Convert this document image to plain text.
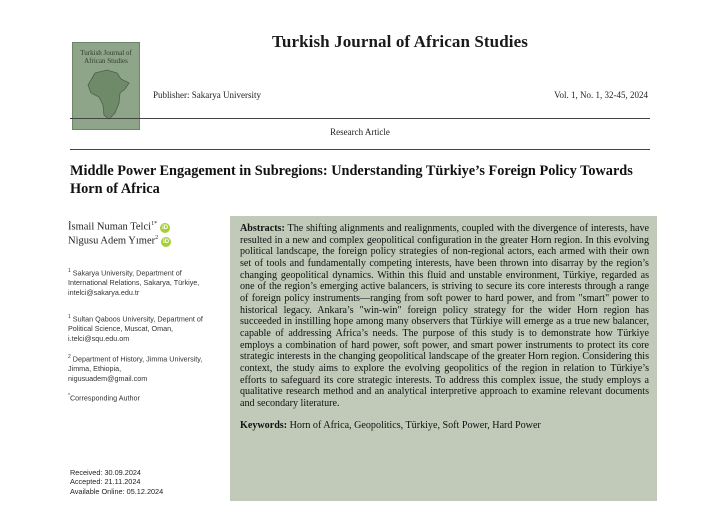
Turkish Journal of African Studies
Turkish Journal of African Studies
Publisher: Sakarya University	Vol. 1, No. 1, 32-45, 2024
Research Article
Middle Power Engagement in Subregions: Understanding Türkiye’s Foreign Policy Towards Horn of Africa
İsmail Numan Telci$^{1*}$iD
Nigusu Adem Yımer$^2$iD
$^1$ Sakarya University, Department of International Relations, Sakarya, Türkiye,
intelci@sakarya.edu.tr
$^1$ Sultan Qaboos University, Department of Political Science, Muscat, Oman,
i.telci@squ.edu.om
$^2$ Department of History, Jimma University, Jimma, Ethiopia,
nigusuadem@gmail.com
*Corresponding Author
Received: 30.09.2024
Accepted: 21.11.2024
Available Online: 05.12.2024

Abstracts: The shifting alignments and realignments, coupled with the divergence of interests, have resulted in a new and complex geopolitical configuration in the greater Horn region. In this evolving political landscape, the foreign policy strategies of non-regional actors, each armed with their own set of tools and fundamentally competing interests, have been thrown into disarray by the region’s changing geopolitical dynamics. Within this fluid and unstable environment, Türkiye, regarded as one of the region’s emerging active balancers, is striving to secure its core interests through a range of foreign policy instruments—ranging from soft power to hard power, and from "smart" power to historical legacy. Ankara’s "win-win" foreign policy strategy for the wider Horn region has succeeded in instilling hope among many observers that Türkiye will emerge as a true new balancer, capable of addressing Africa’s needs. The purpose of this study is to demonstrate how Türkiye employs a combination of hard power, soft power, and smart power instruments to protect its core strategic interests in the changing geopolitical landscape of the greater Horn region. Considering this context, the study aims to explore the evolving geopolitics of the region in relation to Türkiye’s efforts to safeguard its core strategic interests. To address this complex issue, the study employs a qualitative research method and an analytical interpretive approach to examine relevant documents and secondary literature.

Keywords: Horn of Africa, Geopolitics, Türkiye, Soft Power, Hard Power
